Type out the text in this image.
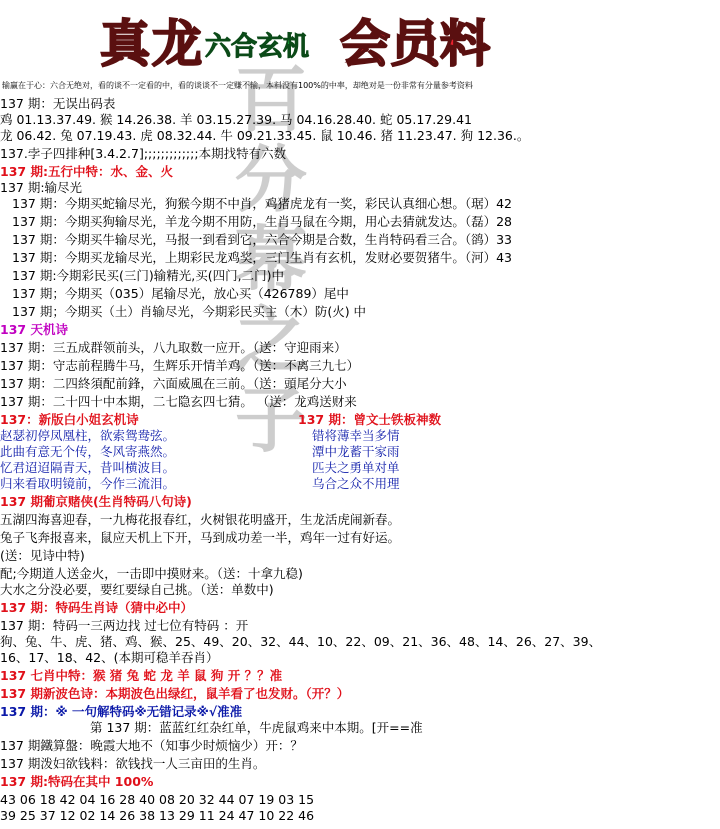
真龙 六合玄机 会员料
输赢在于心：六合无绝对，看的谈不一定看的中，看的谈谈不一定赚不输，本料没有100%的中率，却绝对是一份非常有分量参考资料
百分幕之子
137 期：无误出码表
鸡 01.13.37.49. 猴 14.26.38. 羊 03.15.27.39. 马 04.16.28.40. 蛇 05.17.29.41
龙 06.42. 兔 07.19.43. 虎 08.32.44. 牛 09.21.33.45. 鼠 10.46. 猪 11.23.47. 狗 12.36.。
137.孛子四排种[3.4.2.7];;;;;;;;;;;;;本期找特有六数
137 期:五行中特：水、金、火
137 期:输尽光
137 期：今期买蛇输尽光，狗猴今期不中肖，鸡猪虎龙有一奖，彩民认真细心想。（琚）42
137 期：今期买狗输尽光，羊龙今期不用防，生肖马鼠在今期，用心去猜就发达。（磊）28
137 期：今期买牛输尽光，马报一到看到它，六合今期是合数，生肖特码看三合。（鹆）33
137 期：今期买龙输尽光，上期彩民龙鸡奖，三门生肖有玄机，发财必要贺猪牛。（河）43
137 期:今期彩民买(三门)输精光,买(四门,二门)中
137 期；今期买（035）尾输尽光，放心买（426789）尾中
137 期；今期买（土）肖输尽光，今期彩民买主（木）防(火) 中
137 天机诗
137 期：三五成群领前头，八九取数一应开。（送：守迎雨来）
137 期：守志前程腾牛马，生辉乐开情羊鸡。（送：不离三九七）
137 期：二四終須配前鋒，六面威風在三前。（送：頭尾分大小
137 期：二十四十中本期，二七隐玄四七猜。 （送：龙鸡送财来
137：新版白小姐玄机诗
赵瑟初停凤凰柱，欲索鸳鸯弦。
此曲有意无个传，冬风寄燕然。
忆君迢迢隔青天，昔叫横波目。
归来看取明镜前，今作三流泪。
137 期葡京赌侠(生肖特码八句诗)
五湖四海喜迎春，一九梅花报春红，火树银花明盛开，生龙活虎闹新春。
兔子飞奔报喜来，鼠应天机上下开，马到成功差一半，鸡年一过有好运。
(送：见诗中特)
配;今期道人送金火，一击即中摸财来。（送：十拿九稳)
大水之分没必要，要红要绿自己挑。（送：单数中)
137 期：特码生肖诗（猜中必中）
137 期：特码一三两边找 过七位有特码 ：开
狗、兔、牛、虎、猪、鸡、猴、25、49、20、32、44、10、22、09、21、36、48、14、26、27、39、
16、17、18、42、(本期可稳羊吞肖）
137 七肖中特：猴 猪 兔 蛇 龙 羊 鼠 狗 开 ？？准
137 期新波色诗：本期波色出绿红，鼠羊看了也发财。（开？）
137 期：※ 一句解特码※无错记录※√准准
第 137 期：蓝蓝红红杂红单，牛虎鼠鸡来中本期。[开==准
137 期鐵算盤：晚霞大地不（知事少时烦恼少）开：？
137 期泼妇欲钱料：欲钱找一人三亩田的生肖。
137 期:特码在其中 100%
43 06 18 42 04 16 28 40 08 20 32 44 07 19 03 15
39 25 37 12 02 14 26 38 13 29 11 24 47 10 22 46
137 期：曾文士铁板神数
错将薄幸当多情
潭中龙蓄干家雨
匹夫之勇单对单
乌合之众不用理
